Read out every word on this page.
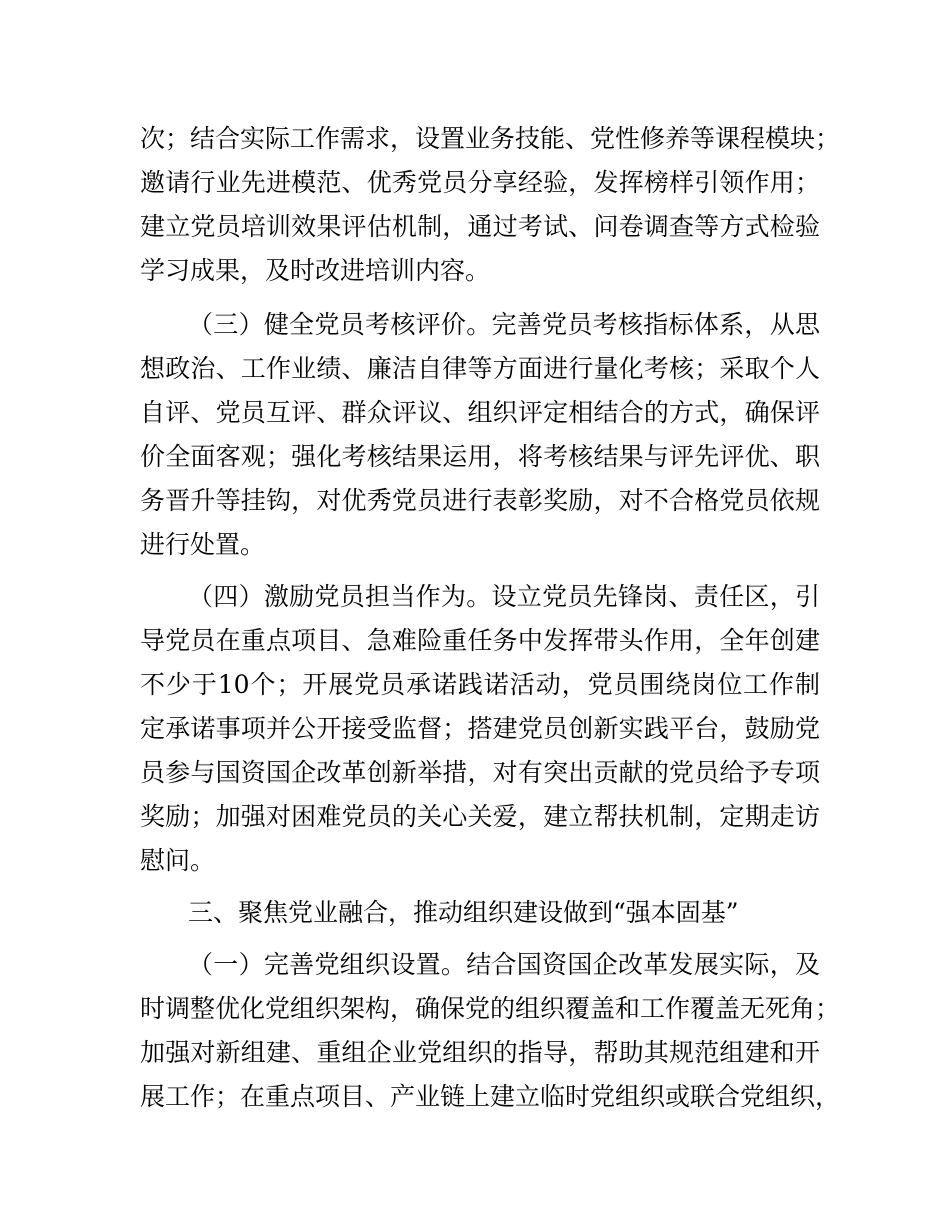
次；结合实际工作需求，设置业务技能、党性修养等课程模块；
邀请行业先进模范、优秀党员分享经验，发挥榜样引领作用；
建立党员培训效果评估机制，通过考试、问卷调查等方式检验
学习成果，及时改进培训内容。
（三）健全党员考核评价。完善党员考核指标体系，从思
想政治、工作业绩、廉洁自律等方面进行量化考核；采取个人
自评、党员互评、群众评议、组织评定相结合的方式，确保评
价全面客观；强化考核结果运用，将考核结果与评先评优、职
务晋升等挂钩，对优秀党员进行表彰奖励，对不合格党员依规
进行处置。
（四）激励党员担当作为。设立党员先锋岗、责任区，引
导党员在重点项目、急难险重任务中发挥带头作用，全年创建
不少于10个；开展党员承诺践诺活动，党员围绕岗位工作制
定承诺事项并公开接受监督；搭建党员创新实践平台，鼓励党
员参与国资国企改革创新举措，对有突出贡献的党员给予专项
奖励；加强对困难党员的关心关爱，建立帮扶机制，定期走访
慰问。
三、聚焦党业融合，推动组织建设做到“强本固基”
（一）完善党组织设置。结合国资国企改革发展实际，及
时调整优化党组织架构，确保党的组织覆盖和工作覆盖无死角；
加强对新组建、重组企业党组织的指导，帮助其规范组建和开
展工作；在重点项目、产业链上建立临时党组织或联合党组织，
